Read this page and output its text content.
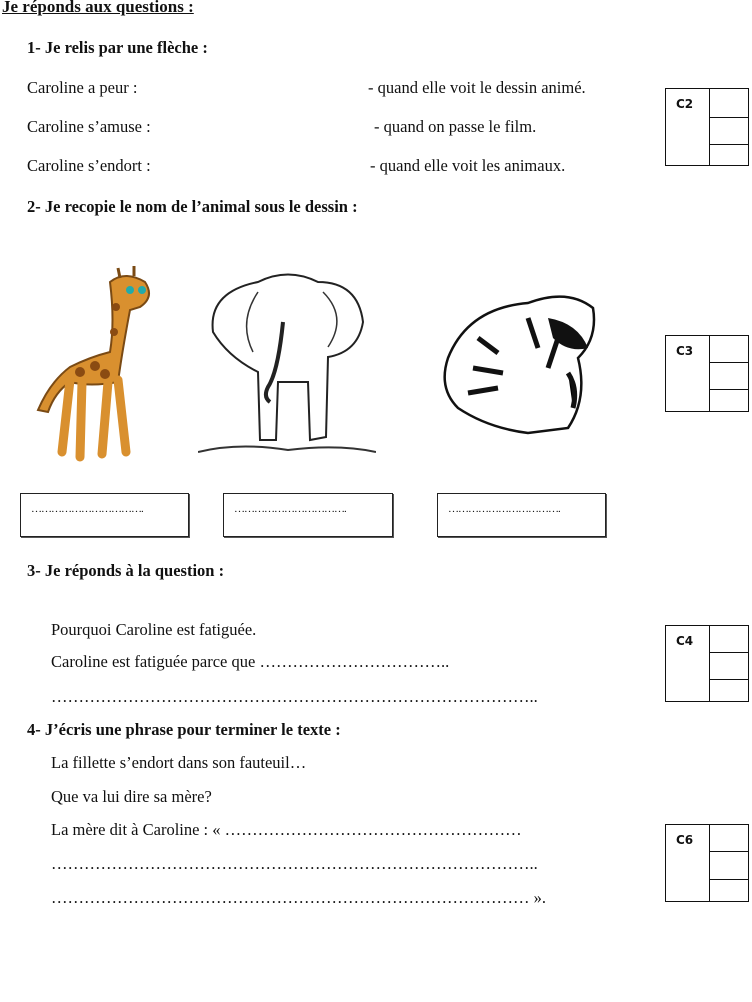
Je réponds aux questions :
1- Je relis par une flèche :
Caroline a peur :
Caroline s’amuse :
Caroline s’endort :
- quand elle voit le dessin animé.
- quand on passe le film.
- quand elle voit les animaux.
C2
2- Je recopie le nom de l’animal sous le dessin :
…………………………….	…………………………….	…………………………….
C3
3- Je réponds à la question :
Pourquoi Caroline est fatiguée.
Caroline est fatiguée parce que ……………………………..
……………………………………………………………………………..
C4
4- J’écris une phrase pour terminer le texte :
La fillette s’endort dans son fauteuil…
Que va lui dire sa mère?
La mère dit à Caroline : « ………………………………………………
……………………………………………………………………………..
…………………………………………………………………………… ».
C6
